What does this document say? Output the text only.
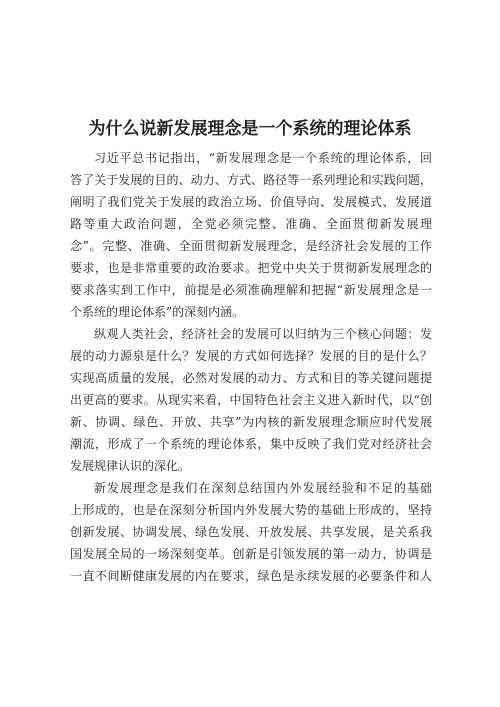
为什么说新发展理念是一个系统的理论体系
习近平总书记指出，“新发展理念是一个系统的理论体系，回
答了关于发展的目的、动力、方式、路径等一系列理论和实践问题，
阐明了我们党关于发展的政治立场、价值导向、发展模式、发展道
路等重大政治问题，全党必须完整、准确、全面贯彻新发展理
念”。完整、准确、全面贯彻新发展理念，是经济社会发展的工作
要求，也是非常重要的政治要求。把党中央关于贯彻新发展理念的
要求落实到工作中，前提是必须准确理解和把握“新发展理念是一
个系统的理论体系”的深刻内涵。
纵观人类社会，经济社会的发展可以归纳为三个核心问题：发
展的动力源泉是什么？发展的方式如何选择？发展的目的是什么？
实现高质量的发展，必然对发展的动力、方式和目的等关键问题提
出更高的要求。从现实来看，中国特色社会主义进入新时代，以“创
新、协调、绿色、开放、共享”为内核的新发展理念顺应时代发展
潮流，形成了一个系统的理论体系，集中反映了我们党对经济社会
发展规律认识的深化。
新发展理念是我们在深刻总结国内外发展经验和不足的基础
上形成的，也是在深刻分析国内外发展大势的基础上形成的，坚持
创新发展、协调发展、绿色发展、开放发展、共享发展，是关系我
国发展全局的一场深刻变革。创新是引领发展的第一动力，协调是
一直不间断健康发展的内在要求，绿色是永续发展的必要条件和人
